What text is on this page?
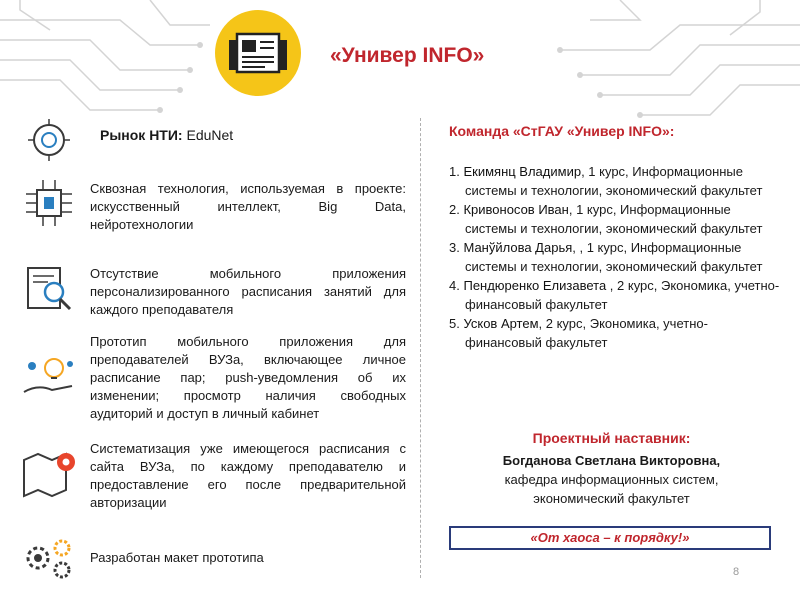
«Универ INFO»
Рынок НТИ: EduNet
Сквозная технология, используемая в проекте: искусственный интеллект, Big Data, нейротехнологии
Отсутствие мобильного приложения персонализированного расписания занятий для каждого преподавателя
Прототип мобильного приложения для преподавателей ВУЗа, включающее личное расписание пар; push-уведомления об их изменении; просмотр наличия свободных аудиторий и доступ в личный кабинет
Систематизация уже имеющегося расписания с сайта ВУЗа, по каждому преподавателю и предоставление его после предварительной авторизации
Разработан макет прототипа
Команда «СтГАУ «Универ INFO»:
1. Екимянц Владимир, 1 курс, Информационные системы и технологии, экономический факультет
2. Кривоносов Иван, 1 курс, Информационные системы и технологии, экономический факультет
3. Манўйлова Дарья, , 1 курс, Информационные системы и технологии, экономический факультет
4. Пендюренко Елизавета , 2 курс, Экономика, учетно-финансовый факультет
5. Усков Артем, 2 курс, Экономика, учетно-финансовый факультет
Проектный наставник:
Богданова Светлана Викторовна,
кафедра информационных систем,
экономический факультет
«От хаоса – к порядку!»
8
